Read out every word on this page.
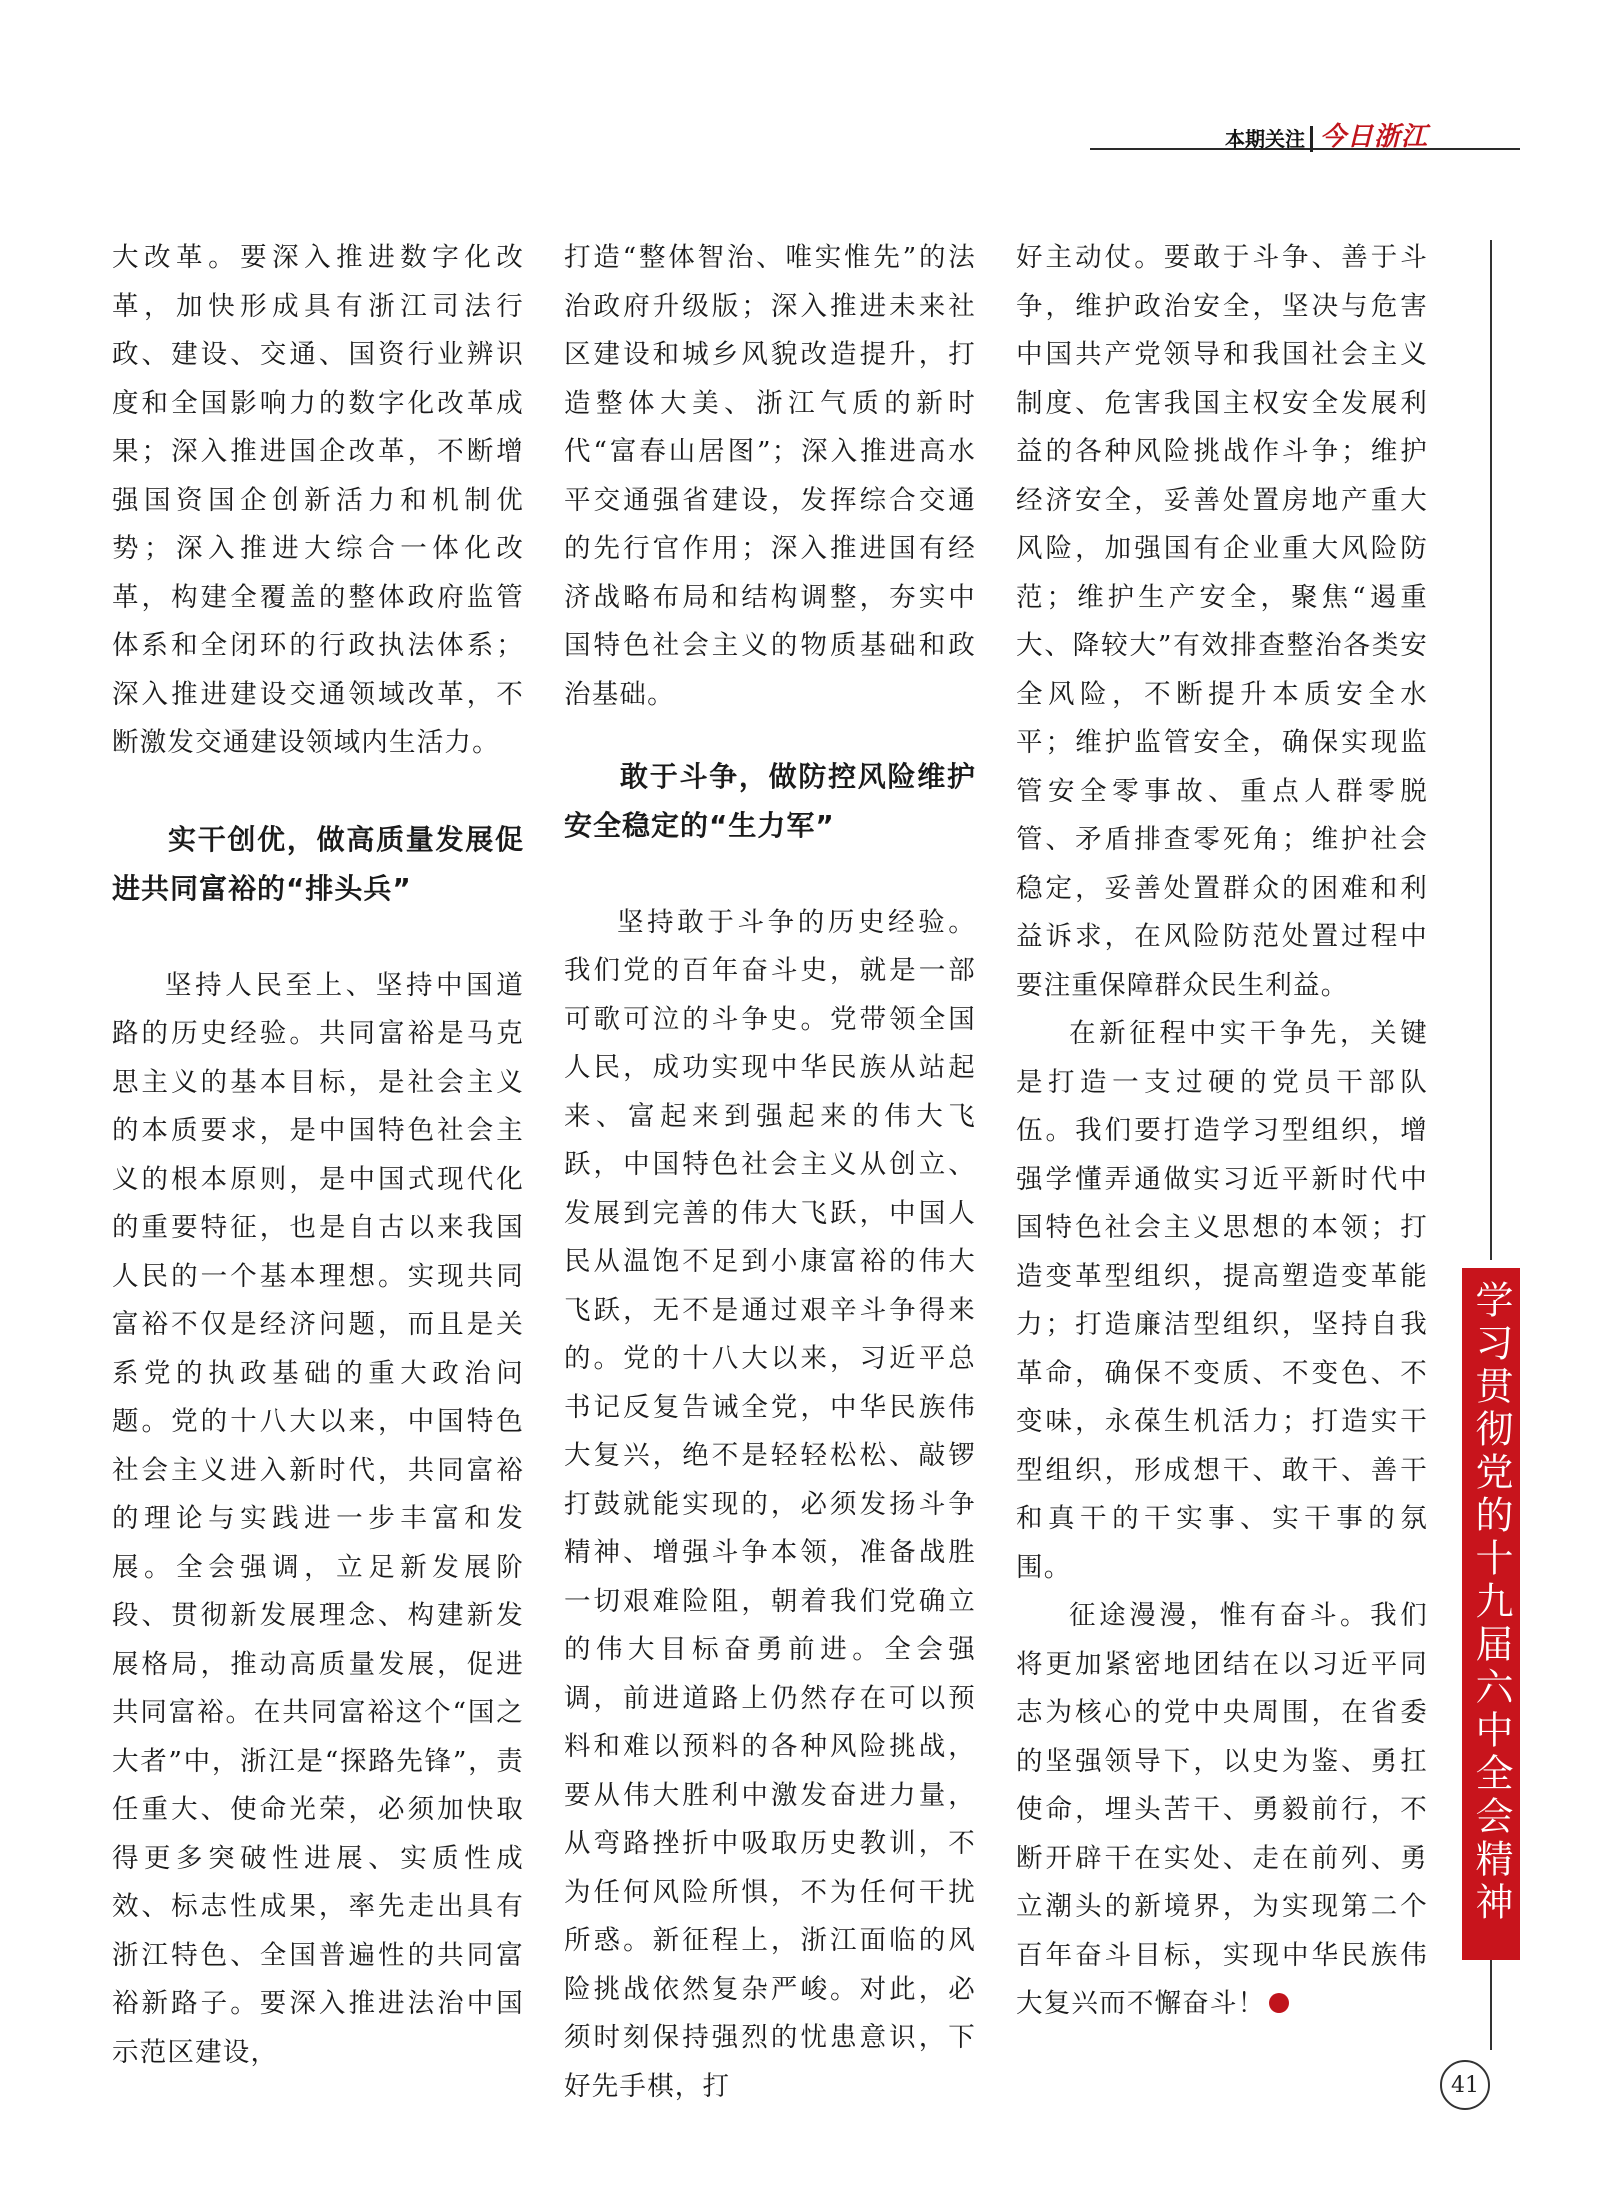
本期关注 今日浙江

大改革。要深入推进数字化改革，加快形成具有浙江司法行政、建设、交通、国资行业辨识度和全国影响力的数字化改革成果；深入推进国企改革，不断增强国资国企创新活力和机制优势；深入推进大综合一体化改革，构建全覆盖的整体政府监管体系和全闭环的行政执法体系；深入推进建设交通领域改革，不断激发交通建设领域内生活力。

实干创优，做高质量发展促进共同富裕的“排头兵”

坚持人民至上、坚持中国道路的历史经验。共同富裕是马克思主义的基本目标，是社会主义的本质要求，是中国特色社会主义的根本原则，是中国式现代化的重要特征，也是自古以来我国人民的一个基本理想。实现共同富裕不仅是经济问题，而且是关系党的执政基础的重大政治问题。党的十八大以来，中国特色社会主义进入新时代，共同富裕的理论与实践进一步丰富和发展。全会强调，立足新发展阶段、贯彻新发展理念、构建新发展格局，推动高质量发展，促进共同富裕。在共同富裕这个“国之大者”中，浙江是“探路先锋”，责任重大、使命光荣，必须加快取得更多突破性进展、实质性成效、标志性成果，率先走出具有浙江特色、全国普遍性的共同富裕新路子。要深入推进法治中国示范区建设，

打造“整体智治、唯实惟先”的法治政府升级版；深入推进未来社区建设和城乡风貌改造提升，打造整体大美、浙江气质的新时代“富春山居图”；深入推进高水平交通强省建设，发挥综合交通的先行官作用；深入推进国有经济战略布局和结构调整，夯实中国特色社会主义的物质基础和政治基础。

敢于斗争，做防控风险维护安全稳定的“生力军”

坚持敢于斗争的历史经验。我们党的百年奋斗史，就是一部可歌可泣的斗争史。党带领全国人民，成功实现中华民族从站起来、富起来到强起来的伟大飞跃，中国特色社会主义从创立、发展到完善的伟大飞跃，中国人民从温饱不足到小康富裕的伟大飞跃，无不是通过艰辛斗争得来的。党的十八大以来，习近平总书记反复告诫全党，中华民族伟大复兴，绝不是轻轻松松、敲锣打鼓就能实现的，必须发扬斗争精神、增强斗争本领，准备战胜一切艰难险阻，朝着我们党确立的伟大目标奋勇前进。全会强调，前进道路上仍然存在可以预料和难以预料的各种风险挑战，要从伟大胜利中激发奋进力量，从弯路挫折中吸取历史教训，不为任何风险所惧，不为任何干扰所惑。新征程上，浙江面临的风险挑战依然复杂严峻。对此，必须时刻保持强烈的忧患意识，下好先手棋，打

好主动仗。要敢于斗争、善于斗争，维护政治安全，坚决与危害中国共产党领导和我国社会主义制度、危害我国主权安全发展利益的各种风险挑战作斗争；维护经济安全，妥善处置房地产重大风险，加强国有企业重大风险防范；维护生产安全，聚焦“遏重大、降较大”有效排查整治各类安全风险，不断提升本质安全水平；维护监管安全，确保实现监管安全零事故、重点人群零脱管、矛盾排查零死角；维护社会稳定，妥善处置群众的困难和利益诉求，在风险防范处置过程中要注重保障群众民生利益。

在新征程中实干争先，关键是打造一支过硬的党员干部队伍。我们要打造学习型组织，增强学懂弄通做实习近平新时代中国特色社会主义思想的本领；打造变革型组织，提高塑造变革能力；打造廉洁型组织，坚持自我革命，确保不变质、不变色、不变味，永葆生机活力；打造实干型组织，形成想干、敢干、善干和真干的干实事、实干事的氛围。

征途漫漫，惟有奋斗。我们将更加紧密地团结在以习近平同志为核心的党中央周围，在省委的坚强领导下，以史为鉴、勇扛使命，埋头苦干、勇毅前行，不断开辟干在实处、走在前列、勇立潮头的新境界，为实现第二个百年奋斗目标，实现中华民族伟大复兴而不懈奋斗！

学习贯彻党的十九届六中全会精神
41
